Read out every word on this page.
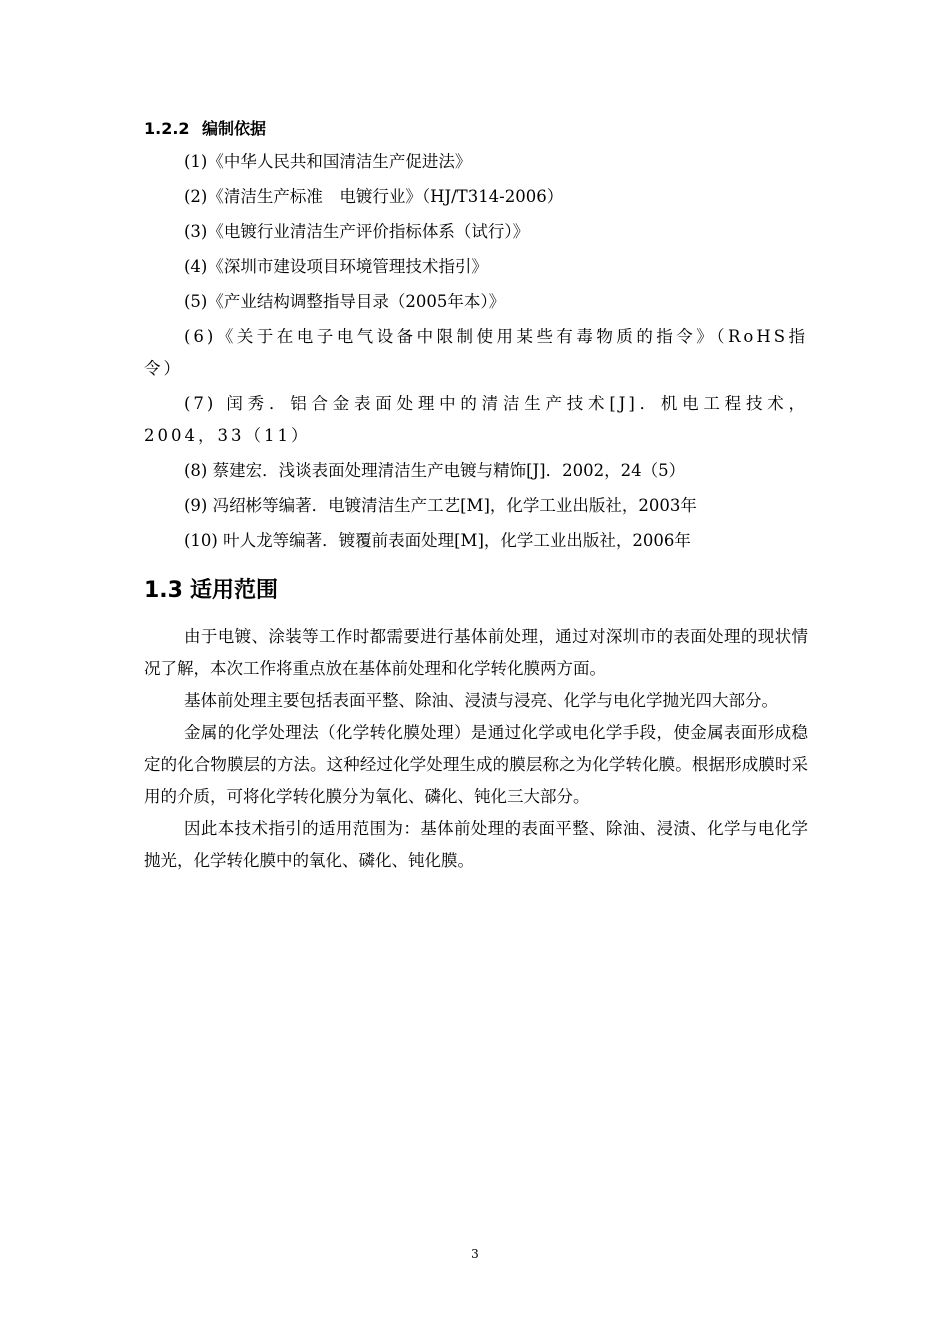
1.2.2 编制依据
(1)《中华人民共和国清洁生产促进法》
(2)《清洁生产标准　电镀行业》（HJ/T314-2006）
(3)《电镀行业清洁生产评价指标体系（试行）》
(4)《深圳市建设项目环境管理技术指引》
(5)《产业结构调整指导目录（2005年本）》
(6)《关于在电子电气设备中限制使用某些有毒物质的指令》（RoHS指令）
(7) 闰秀．铝合金表面处理中的清洁生产技术[J]．机电工程技术，2004，33（11）
(8) 蔡建宏．浅谈表面处理清洁生产电镀与精饰[J]．2002，24（5）
(9) 冯绍彬等编著．电镀清洁生产工艺[M]，化学工业出版社，2003年
(10) 叶人龙等编著．镀覆前表面处理[M]，化学工业出版社，2006年
1.3 适用范围

由于电镀、涂装等工作时都需要进行基体前处理，通过对深圳市的表面处理的现状情况了解，本次工作将重点放在基体前处理和化学转化膜两方面。

基体前处理主要包括表面平整、除油、浸渍与浸亮、化学与电化学抛光四大部分。

金属的化学处理法（化学转化膜处理）是通过化学或电化学手段，使金属表面形成稳定的化合物膜层的方法。这种经过化学处理生成的膜层称之为化学转化膜。根据形成膜时采用的介质，可将化学转化膜分为氧化、磷化、钝化三大部分。

因此本技术指引的适用范围为：基体前处理的表面平整、除油、浸渍、化学与电化学抛光，化学转化膜中的氧化、磷化、钝化膜。

3
